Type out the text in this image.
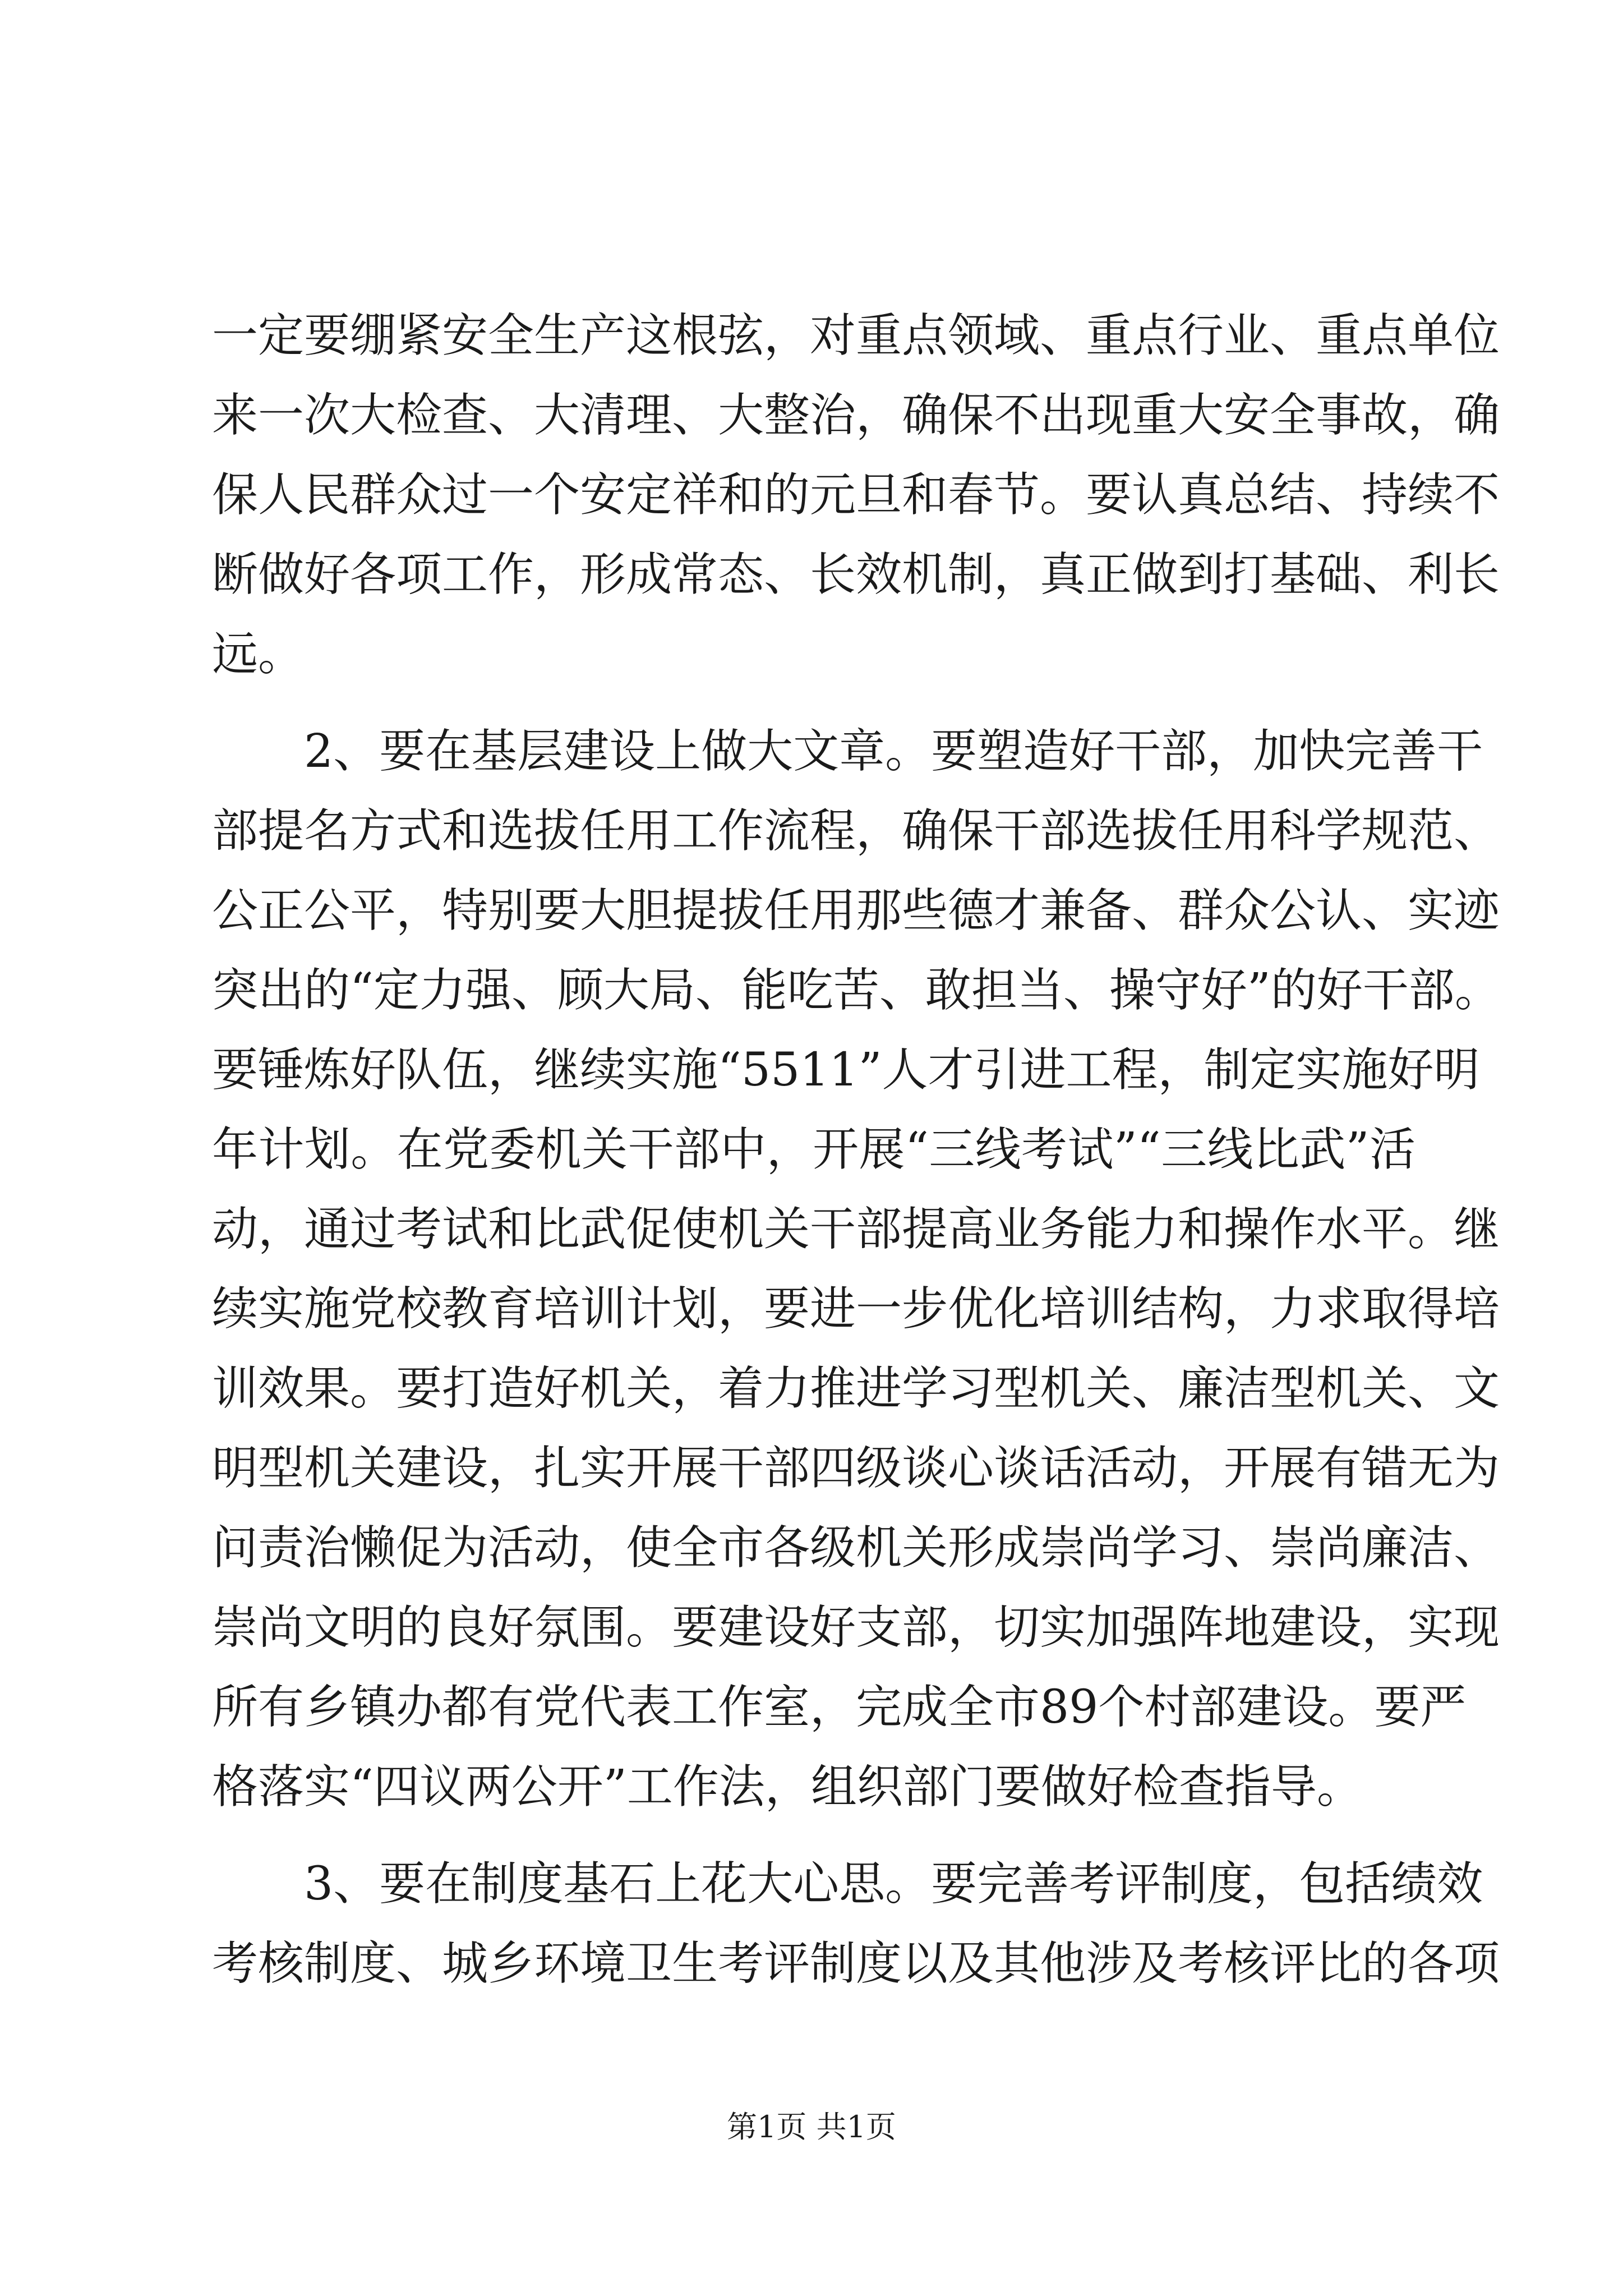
一定要绷紧安全生产这根弦，对重点领域、重点行业、重点单位
来一次大检查、大清理、大整治，确保不出现重大安全事故，确
保人民群众过一个安定祥和的元旦和春节。要认真总结、持续不
断做好各项工作，形成常态、长效机制，真正做到打基础、利长
远。
　　2、要在基层建设上做大文章。要塑造好干部，加快完善干
部提名方式和选拔任用工作流程，确保干部选拔任用科学规范、
公正公平，特别要大胆提拔任用那些德才兼备、群众公认、实迹
突出的“定力强、顾大局、能吃苦、敢担当、操守好”的好干部。
要锤炼好队伍，继续实施“5511”人才引进工程，制定实施好明
年计划。在党委机关干部中，开展“三线考试”“三线比武”活
动，通过考试和比武促使机关干部提高业务能力和操作水平。继
续实施党校教育培训计划，要进一步优化培训结构，力求取得培
训效果。要打造好机关，着力推进学习型机关、廉洁型机关、文
明型机关建设，扎实开展干部四级谈心谈话活动，开展有错无为
问责治懒促为活动，使全市各级机关形成崇尚学习、崇尚廉洁、
崇尚文明的良好氛围。要建设好支部，切实加强阵地建设，实现
所有乡镇办都有党代表工作室，完成全市89个村部建设。要严
格落实“四议两公开”工作法，组织部门要做好检查指导。
　　3、要在制度基石上花大心思。要完善考评制度，包括绩效
考核制度、城乡环境卫生考评制度以及其他涉及考核评比的各项
第1页 共1页
